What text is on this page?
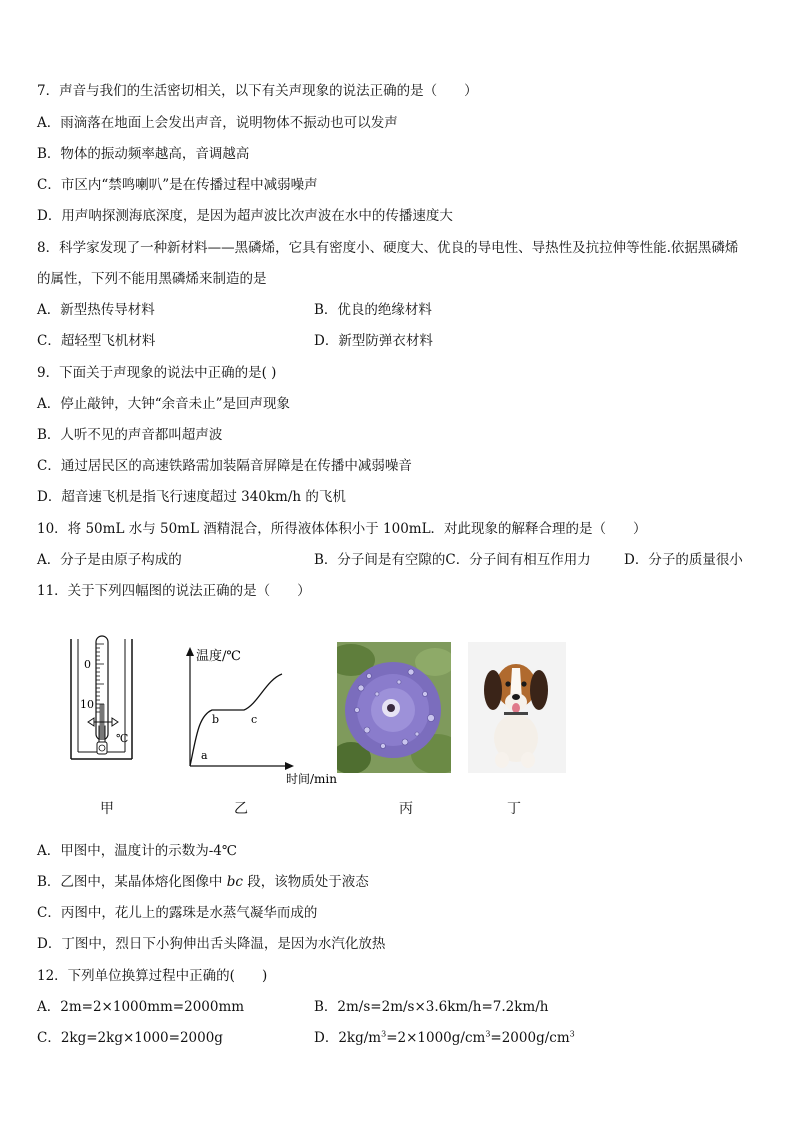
7．声音与我们的生活密切相关，以下有关声现象的说法正确的是（　　）
A．雨滴落在地面上会发出声音，说明物体不振动也可以发声
B．物体的振动频率越高，音调越高
C．市区内“禁鸣喇叭”是在传播过程中减弱噪声
D．用声呐探测海底深度，是因为超声波比次声波在水中的传播速度大
8．科学家发现了一种新材料——黑磷烯，它具有密度小、硬度大、优良的导电性、导热性及抗拉伸等性能.依据黑磷烯
的属性，下列不能用黑磷烯来制造的是
A．新型热传导材料	B．优良的绝缘材料
C．超轻型飞机材料	D．新型防弹衣材料
9．下面关于声现象的说法中正确的是( )
A．停止敲钟，大钟“余音未止”是回声现象
B．人听不见的声音都叫超声波
C．通过居民区的高速铁路需加装隔音屏障是在传播中减弱噪音
D．超音速飞机是指飞行速度超过 340km/h 的飞机
10．将 50mL 水与 50mL 酒精混合，所得液体体积小于 100mL．对此现象的解释合理的是（　　）
A．分子是由原子构成的	B．分子间是有空隙的C．分子间有相互作用力 D．分子的质量很小
11．关于下列四幅图的说法正确的是（　　）
0
10
℃
温度/℃
时间/min
a
b	c
甲	乙	丙	丁
A．甲图中，温度计的示数为-4℃
B．乙图中，某晶体熔化图像中 bc 段，该物质处于液态
C．丙图中，花儿上的露珠是水蒸气凝华而成的
D．丁图中，烈日下小狗伸出舌头降温，是因为水汽化放热
12．下列单位换算过程中正确的(　　)
A．2m=2×1000mm=2000mm	B．2m/s=2m/s×3.6km/h=7.2km/h
C．2kg=2kg×1000=2000g	D．$2kg/m^3=2\times 1000g/cm^3=2000g/cm^3$
